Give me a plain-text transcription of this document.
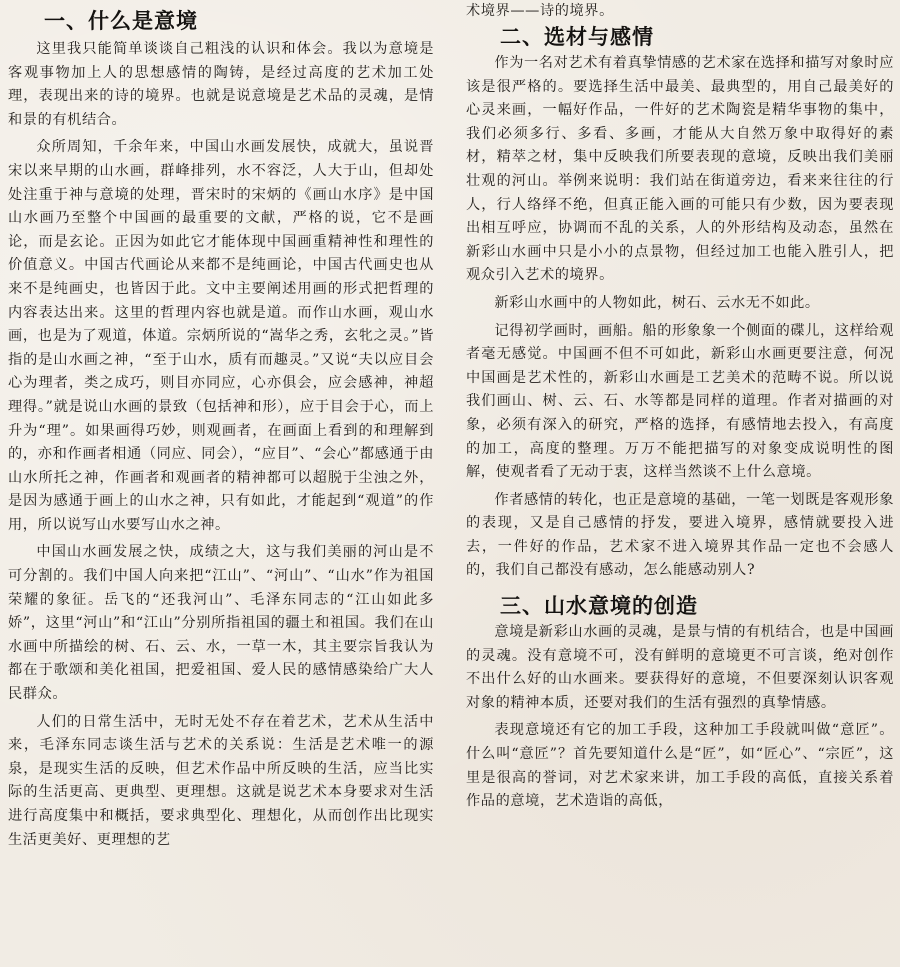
一、什么是意境

这里我只能简单谈谈自己粗浅的认识和体会。我以为意境是客观事物加上人的思想感情的陶铸，是经过高度的艺术加工处理，表现出来的诗的境界。也就是说意境是艺术品的灵魂，是情和景的有机结合。

众所周知，千余年来，中国山水画发展快，成就大，虽说晋宋以来早期的山水画，群峰排列，水不容泛，人大于山，但却处处注重于神与意境的处理，晋宋时的宋炳的《画山水序》是中国山水画乃至整个中国画的最重要的文献，严格的说，它不是画论，而是玄论。正因为如此它才能体现中国画重精神性和理性的价值意义。中国古代画论从来都不是纯画论，中国古代画史也从来不是纯画史，也皆因于此。文中主要阐述用画的形式把哲理的内容表达出来。这里的哲理内容也就是道。而作山水画，观山水画，也是为了观道，体道。宗炳所说的“嵩华之秀，玄牝之灵。”皆指的是山水画之神，“至于山水，质有而趣灵。”又说“夫以应目会心为理者，类之成巧，则目亦同应，心亦俱会，应会感神，神超理得。”就是说山水画的景致（包括神和形），应于目会于心，而上升为“理”。如果画得巧妙，则观画者，在画面上看到的和理解到的，亦和作画者相通（同应、同会），“应目”、“会心”都感通于由山水所托之神，作画者和观画者的精神都可以超脱于尘浊之外，是因为感通于画上的山水之神，只有如此，才能起到“观道”的作用，所以说写山水要写山水之神。

中国山水画发展之快，成绩之大，这与我们美丽的河山是不可分割的。我们中国人向来把“江山”、“河山”、“山水”作为祖国荣耀的象征。岳飞的“还我河山”、毛泽东同志的“江山如此多娇”，这里“河山”和“江山”分别所指祖国的疆土和祖国。我们在山水画中所描绘的树、石、云、水，一草一木，其主要宗旨我认为都在于歌颂和美化祖国，把爱祖国、爱人民的感情感染给广大人民群众。

人们的日常生活中，无时无处不存在着艺术，艺术从生活中来，毛泽东同志谈生活与艺术的关系说：生活是艺术唯一的源泉，是现实生活的反映，但艺术作品中所反映的生活，应当比实际的生活更高、更典型、更理想。这就是说艺术本身要求对生活进行高度集中和概括，要求典型化、理想化，从而创作出比现实生活更美好、更理想的艺

术境界——诗的境界。

二、选材与感情

作为一名对艺术有着真挚情感的艺术家在选择和描写对象时应该是很严格的。要选择生活中最美、最典型的，用自己最美好的心灵来画，一幅好作品，一件好的艺术陶瓷是精华事物的集中，我们必须多行、多看、多画，才能从大自然万象中取得好的素材，精萃之材，集中反映我们所要表现的意境，反映出我们美丽壮观的河山。举例来说明：我们站在街道旁边，看来来往往的行人，行人络绎不绝，但真正能入画的可能只有少数，因为要表现出相互呼应，协调而不乱的关系，人的外形结构及动态，虽然在新彩山水画中只是小小的点景物，但经过加工也能入胜引人，把观众引入艺术的境界。

新彩山水画中的人物如此，树石、云水无不如此。

记得初学画时，画船。船的形象象一个侧面的碟儿，这样给观者毫无感觉。中国画不但不可如此，新彩山水画更要注意，何况中国画是艺术性的，新彩山水画是工艺美术的范畴不说。所以说我们画山、树、云、石、水等都是同样的道理。作者对描画的对象，必须有深入的研究，严格的选择，有感情地去投入，有高度的加工，高度的整理。万万不能把描写的对象变成说明性的图解，使观者看了无动于衷，这样当然谈不上什么意境。

作者感情的转化，也正是意境的基础，一笔一划既是客观形象的表现，又是自己感情的抒发，要进入境界，感情就要投入进去，一件好的作品，艺术家不进入境界其作品一定也不会感人的，我们自己都没有感动，怎么能感动别人?

三、山水意境的创造

意境是新彩山水画的灵魂，是景与情的有机结合，也是中国画的灵魂。没有意境不可，没有鲜明的意境更不可言谈，绝对创作不出什么好的山水画来。要获得好的意境，不但要深刻认识客观对象的精神本质，还要对我们的生活有强烈的真挚情感。

表现意境还有它的加工手段，这种加工手段就叫做“意匠”。什么叫“意匠”？首先要知道什么是“匠”，如“匠心”、“宗匠”，这里是很高的誉词，对艺术家来讲，加工手段的高低，直接关系着作品的意境，艺术造诣的高低，
